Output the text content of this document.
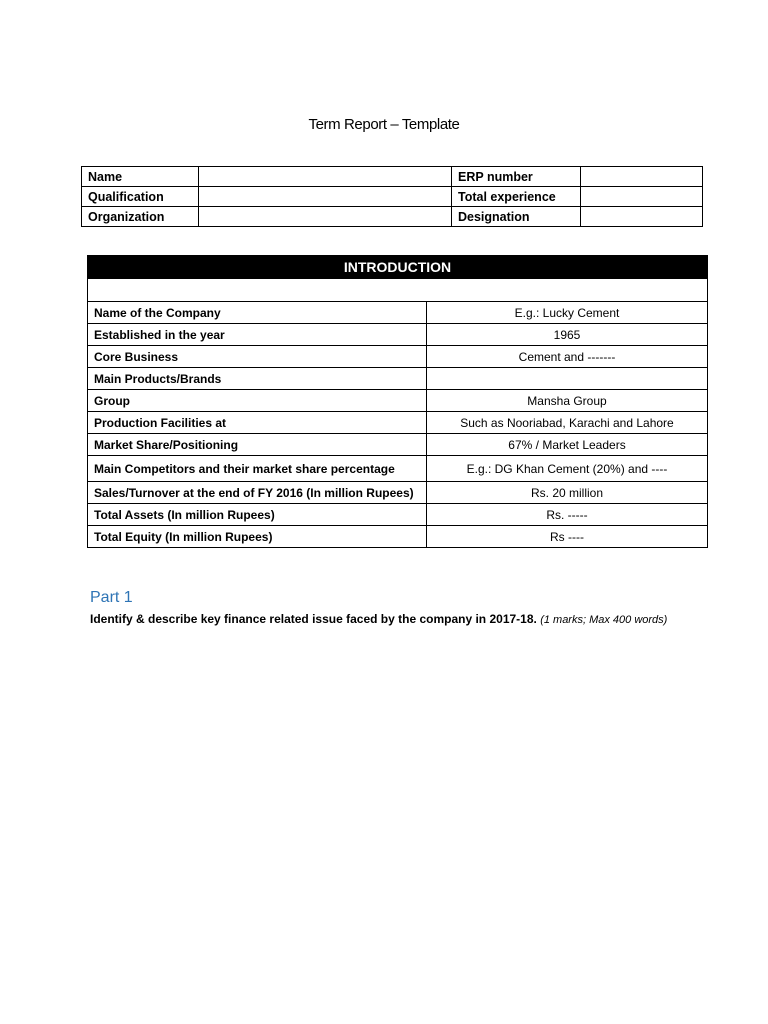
Term Report – Template
Name		ERP number	
Qualification		Total experience	
Organization		Designation	
INTRODUCTION	

Name of the Company	E.g.: Lucky Cement
Established in the year	1965
Core Business	Cement and -------
Main Products/Brands	
Group	Mansha Group
Production Facilities at	Such as Nooriabad, Karachi and Lahore
Market Share/Positioning	67% / Market Leaders
Main Competitors and their market share percentage	E.g.: DG Khan Cement (20%) and ----
Sales/Turnover at the end of FY 2016 (In million Rupees)	Rs. 20 million
Total Assets (In million Rupees)	Rs. -----
Total Equity (In million Rupees)	Rs ----
Part 1
Identify & describe key finance related issue faced by the company in 2017-18. (1 marks; Max 400 words)
